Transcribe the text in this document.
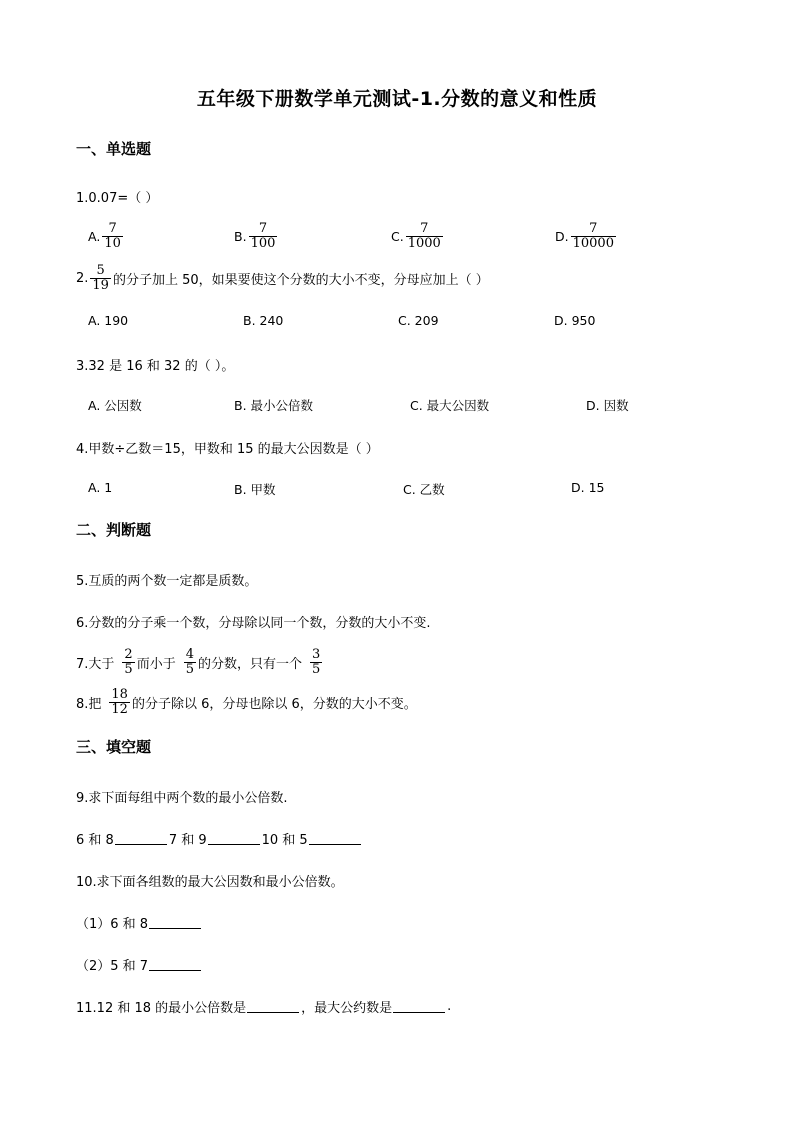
五年级下册数学单元测试-1.分数的意义和性质
一、单选题
1.0.07=（ ）
A. $\frac{7}{10}$	B. $\frac{7}{100}$	C. $\frac{7}{1000}$	D. $\frac{7}{10000}$
2. $\frac{5}{19}$ 的分子加上 50，如果要使这个分数的大小不变，分母应加上（ ）
A. 190	B. 240	C. 209	D. 950
3.32 是 16 和 32 的（ ）。
A. 公因数	B. 最小公倍数	C. 最大公因数	D. 因数
4.甲数÷乙数＝15，甲数和 15 的最大公因数是（ ）
A. 1	B. 甲数	C. 乙数	D. 15
二、判断题
5.互质的两个数一定都是质数。
6.分数的分子乘一个数，分母除以同一个数，分数的大小不变.
7.大于 $\frac{2}{5}$ 而小于 $\frac{4}{5}$ 的分数，只有一个 $\frac{3}{5}$
8.把 $\frac{18}{12}$ 的分子除以 6，分母也除以 6，分数的大小不变。
三、填空题
9.求下面每组中两个数的最小公倍数.
6 和 8	7 和 9	10 和 5
10.求下面各组数的最大公因数和最小公倍数。
（1）6 和 8
（2）5 和 7
11.12 和 18 的最小公倍数是	，最大公约数是	.
